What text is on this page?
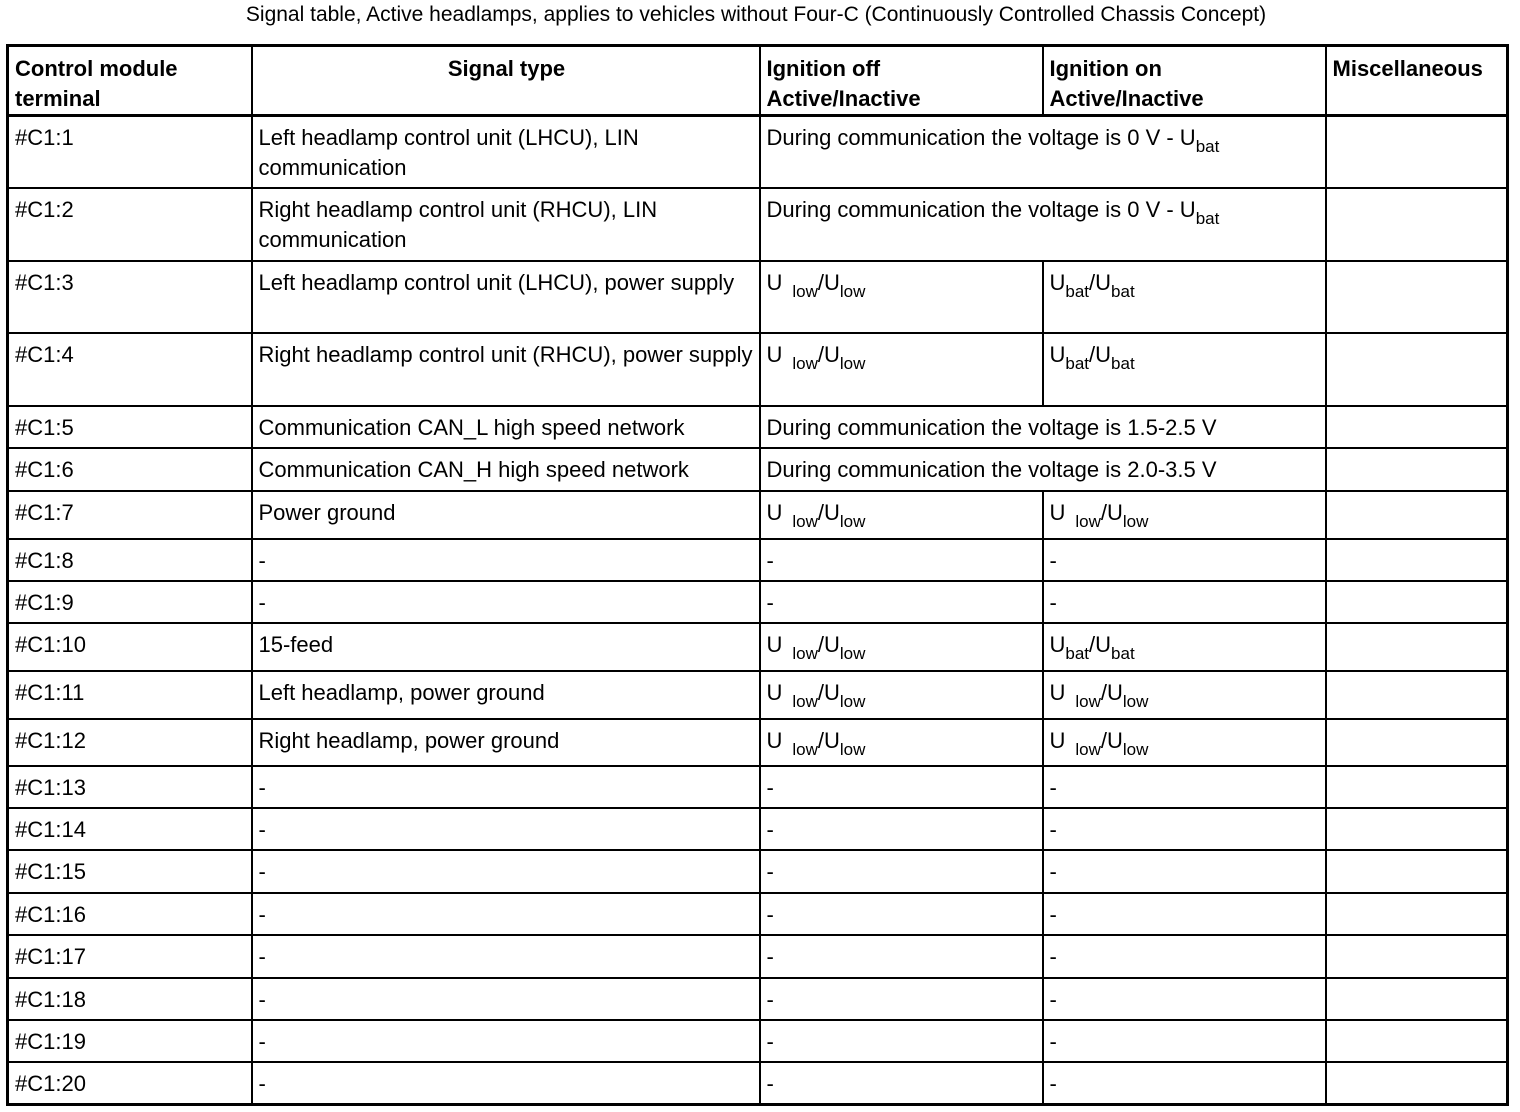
Signal table, Active headlamps, applies to vehicles without Four-C (Continuously Controlled Chassis Concept)
Control module terminal	Signal type	Ignition off Active/Inactive	Ignition on Active/Inactive	Miscellaneous
#C1:1	Left headlamp control unit (LHCU), LIN communication	During communication the voltage is 0 V - $U_{bat}$	
#C1:2	Right headlamp control unit (RHCU), LIN communication	During communication the voltage is 0 V - $U_{bat}$	
#C1:3	Left headlamp control unit (LHCU), power supply	U $_{low}/U_{low}$	$U_{bat}/U_{bat}$	
#C1:4	Right headlamp control unit (RHCU), power supply	U $_{low}/U_{low}$	$U_{bat}/U_{bat}$	
#C1:5	Communication CAN_L high speed network	During communication the voltage is 1.5-2.5 V		
#C1:6	Communication CAN_H high speed network	During communication the voltage is 2.0-3.5 V		
#C1:7	Power ground	U $_{low}/U_{low}$	U $_{low}/U_{low}$	
#C1:8	-	-	-	
#C1:9	-	-	-	
#C1:10	15-feed	U $_{low}/U_{low}$	$U_{bat}/U_{bat}$	
#C1:11	Left headlamp, power ground	U $_{low}/U_{low}$	U $_{low}/U_{low}$	
#C1:12	Right headlamp, power ground	U $_{low}/U_{low}$	U $_{low}/U_{low}$	
#C1:13	-	-	-	
#C1:14	-	-	-	
#C1:15	-	-	-	
#C1:16	-	-	-	
#C1:17	-	-	-	
#C1:18	-	-	-	
#C1:19	-	-	-	
#C1:20	-	-	-	
